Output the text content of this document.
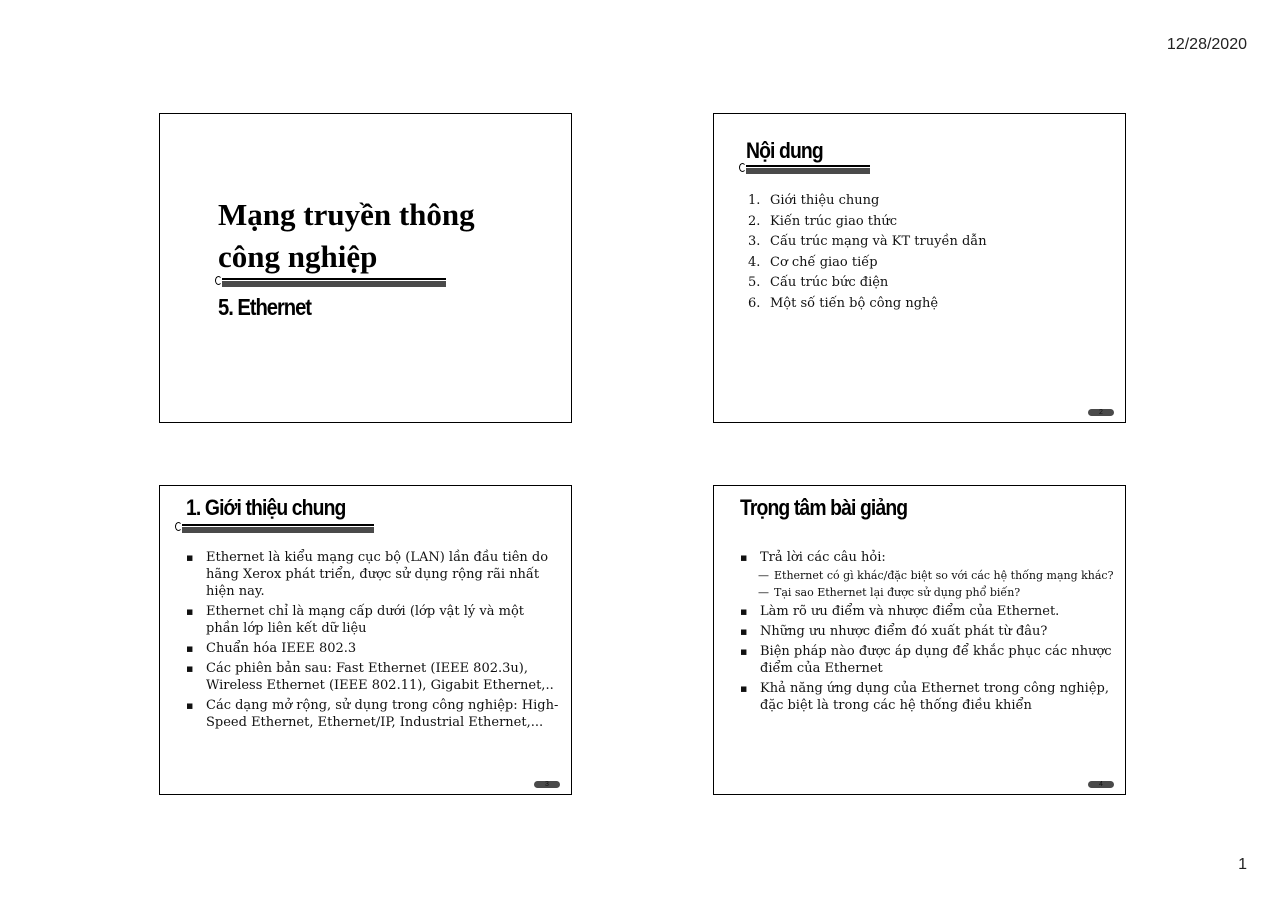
12/28/2020
Mạng truyền thông
công nghiệp
5. Ethernet
Nội dung
1. Giới thiệu chung
2. Kiến trúc giao thức
3. Cấu trúc mạng và KT truyền dẫn
4. Cơ chế giao tiếp
5. Cấu trúc bức điện
6. Một số tiến bộ công nghệ
2
1. Giới thiệu chung
▪ Ethernet là kiểu mạng cục bộ (LAN) lần đầu tiên do hãng Xerox phát triển, được sử dụng rộng rãi nhất hiện nay.
▪ Ethernet chỉ là mạng cấp dưới (lớp vật lý và một phần lớp liên kết dữ liệu
▪ Chuẩn hóa IEEE 802.3
▪ Các phiên bản sau: Fast Ethernet (IEEE 802.3u), Wireless Ethernet (IEEE 802.11), Gigabit Ethernet,..
▪ Các dạng mở rộng, sử dụng trong công nghiệp: High-Speed Ethernet, Ethernet/IP, Industrial Ethernet,...
3
Trọng tâm bài giảng
▪ Trả lời các câu hỏi:
— Ethernet có gì khác/đặc biệt so với các hệ thống mạng khác?
— Tại sao Ethernet lại được sử dụng phổ biến?
▪ Làm rõ ưu điểm và nhược điểm của Ethernet.
▪ Những ưu nhược điểm đó xuất phát từ đâu?
▪ Biện pháp nào được áp dụng để khắc phục các nhược điểm của Ethernet
▪ Khả năng ứng dụng của Ethernet trong công nghiệp, đặc biệt là trong các hệ thống điều khiển
4
1
